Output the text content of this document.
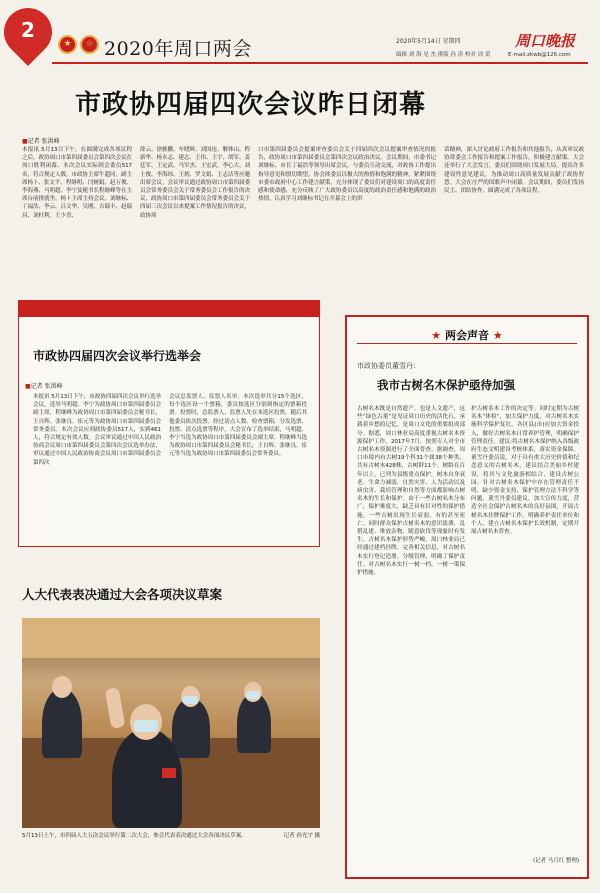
2
★	☆ 2020年周口两会	2020年5月14日 星期四
编辑 刘 海 见 杰 排版 孙 涛 校对 周 蕾
周口晚报
E-mail:zkwb@126.com
市政协四届四次会议昨日闭幕
■记者 张洪峰
本报讯 5月13日下午，在圆满完成各项议程之后，政协周口市第四届委员会第四次会议在周口胜利闭幕。本次会议实际到会委员517名，符合规定人数。市政协主席牛超同，副主席杨ト、张文平、程继明、闫树娟、赵万俊、李海燕、马明超、李宁及秘书长程继峰等在主席台前排就坐。杨ト主席主持会议。刘继标、丁福浩、李云、吕文华、吴刚、吉瑞丰、赵瑞昌、刘杜利、王少青、
薛云、徐雅鹏、车晓辉、刘国连、解体山、程新华、杨永志、建志、王伟、王宇、胡军、姜廷军、王定武、马军杰、王宏武、李心大、刘士俊、李海琼、王炳、罗文娟、王志洁等应邀出席会议。会议审议通过政协周口市第四届委员会常务委员会关于常务委员会工作报告的决议，政协周口市第四届委员会常务委员会关于四届三次会议以来提案工作情况报告的决议，政协周
口市第四届委员会提案审查委员会关于四届四次会议提案审查情况的报告，政协周口市第四届委员会第四次会议政治决议。会议期间，市委书记刘继标、市长丁福浩等领导出席会议，与委员互动交流，对政协工作提出指导意见和殷切期望。协会体委员以极大的热情和饱满的精神，紧紧围绕市委市政府中心工作建言献策，充分体现了委员们对建设周口的高度责任感和使命感，充分反映了广大政协委员以高度的政治责任感和饱满的政治热情，认真学习刘继标书记在开幕会上的讲
话精神，深入讨论政府工作报告和其他报告，从真审议政协常委会工作报告和提案工作报告，积极建言献策。大会还举行了大会发言，委员们围绕周口发展大局，提出许多建设性意见建议，为推动周口高质量发展贡献了政协智慧。大会在庄严的国歌声中闭幕。会议期间，委员们发扬民主、团结协作，圆满完成了各项议程。
市政协四届四次会议举行选举会
■记者 张洪峰
本报讯 5月13日下午，市政协四届四次会议举行选举会议，选举马明超、李宁为政协周口市第四届委员会副主席，程继峰为政协周口市第四届委员会秘书长，王自辉、张继良、崔元等为政协周口市第四届委员会常务委员。本次会议应到政协委员517人，实到461人，符合规定有效人数。会议审议通过中国人民政治协商会议周口市第四届委员会第四次会议选举办法，审议通过中国人民政治协商会议周口市第四届委员会第四次
会议总监票人、监票人名单。本次选举共分15个选区，每个选区设一个票箱，委员按选区分别到指定的票箱投票。投票时，总监票人、监票人先在本选区投票，随后其他委员依次投票。经过清点人数、检查票箱、分发选票、投票、清点选票等程序，大会宣布了选举结果，马明超、李宁当选为政协周口市第四届委员会副主席，程继峰当选为政协周口市第四届委员会秘书长，王自辉、张继良、崔元等当选为政协周口市第四届委员会常务委员。
人大代表表决通过大会各项决议草案
5月13日上午，市四届人大五次会议举行第二次大会，参会代表表决通过大会各项决议草案。	记者 孙光宇 摄
★ 两会声音 ★
市政协委员董雪丹：
我市古树名木保护亟待加强
古树名木既是自然遗产，也是人文遗产，这些“绿色古董”是见证周口历史的活化石，承载着乡愁的记忆，是周口文化的重要组成部分。据悉，周口林业局高度重视古树名木资源保护工作，2017年7月，按照专人对全市古树名木资源进行了全面普查。据调查，周口市境内有古树19个科31个属38个种类，共有古树木428株，古树群11个。树龄在百年以上，已列为县级重点保护，树木自身衰老、生命力减弱，自然灾害、人为活动以及病虫害、栽培管理和自然等方面都影响古树名木的生长和保护。由于一些古树名木分布广，保护难度大，缺乏具有针对性的保护措施，一些古树出现生长衰弱，有的甚至死亡。同时群众保护古树名木的意识淡薄，乱搭乱建、堆放杂物、随意砍伐等现象时有发生，古树名木保护形势严峻。周口林业局已经通过建档挂牌，完善相关信息，对古树名木实行登记造册、分级管理，明确了保护责任。对古树名木实行一树一档、一树一策保护措施。
护古树名木工作的决定等。同时定期为古树名木“体检”，加大保护力度，对古树名木实施科学保护复壮。各区县(市)应加大资金投入，做好古树名木日常养护管理，明确保护管理责任。建议:将古树名木保护纳入各级政府生态文明建设考核体系，落实资金保障。董雪丹委员说，对于具有重大历史价值和纪念意义的古树名木，建议结合美丽乡村建设，将其与文化旅游相结合，建设古树公园。针对古树名木保护中存在管理责任不明、缺少资金支持、保护管理方法不科学等问题，董雪丹委员建议，加大宣传力度，营造全社会保护古树名木的良好氛围，开展古树名木挂牌保护工作，明确养护责任单位和个人，建立古树名木保护长效机制，定期开展古树名木普查。
(记者 马月红 整理)
